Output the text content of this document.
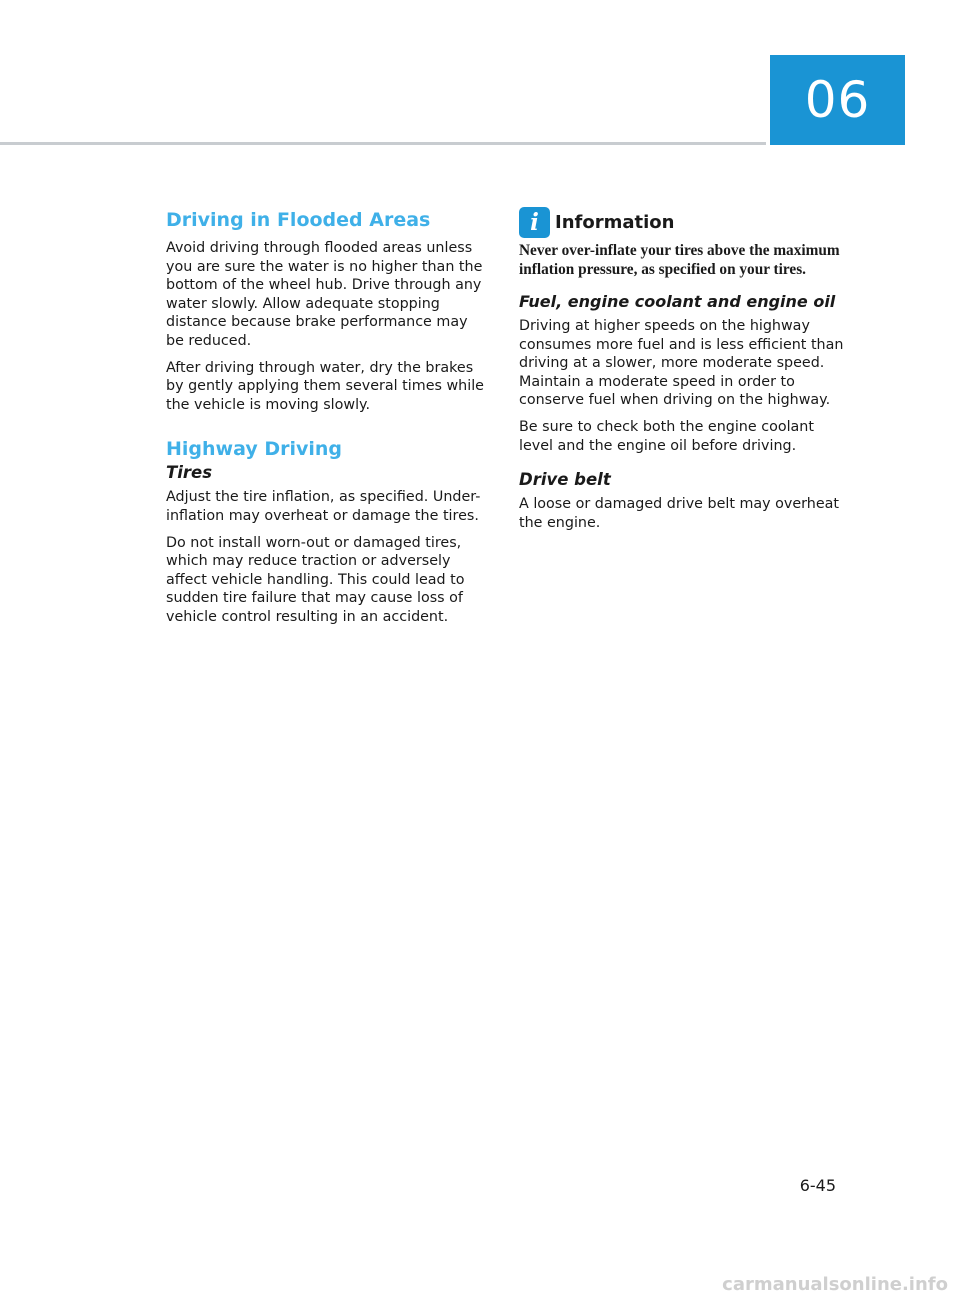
06
Driving in Flooded Areas

Avoid driving through flooded areas unless you are sure the water is no higher than the bottom of the wheel hub. Drive through any water slowly. Allow adequate stopping distance because brake performance may be reduced.

After driving through water, dry the brakes by gently applying them several times while the vehicle is moving slowly.

Highway Driving
Tires

Adjust the tire inflation, as specified. Under-inflation may overheat or damage the tires.

Do not install worn-out or damaged tires, which may reduce traction or adversely affect vehicle handling. This could lead to sudden tire failure that may cause loss of vehicle control resulting in an accident.

i Information

Never over-inflate your tires above the maximum inflation pressure, as specified on your tires.

Fuel, engine coolant and engine oil

Driving at higher speeds on the highway consumes more fuel and is less efficient than driving at a slower, more moderate speed. Maintain a moderate speed in order to conserve fuel when driving on the highway.

Be sure to check both the engine coolant level and the engine oil before driving.

Drive belt

A loose or damaged drive belt may overheat the engine.

6-45
carmanualsonline.info
